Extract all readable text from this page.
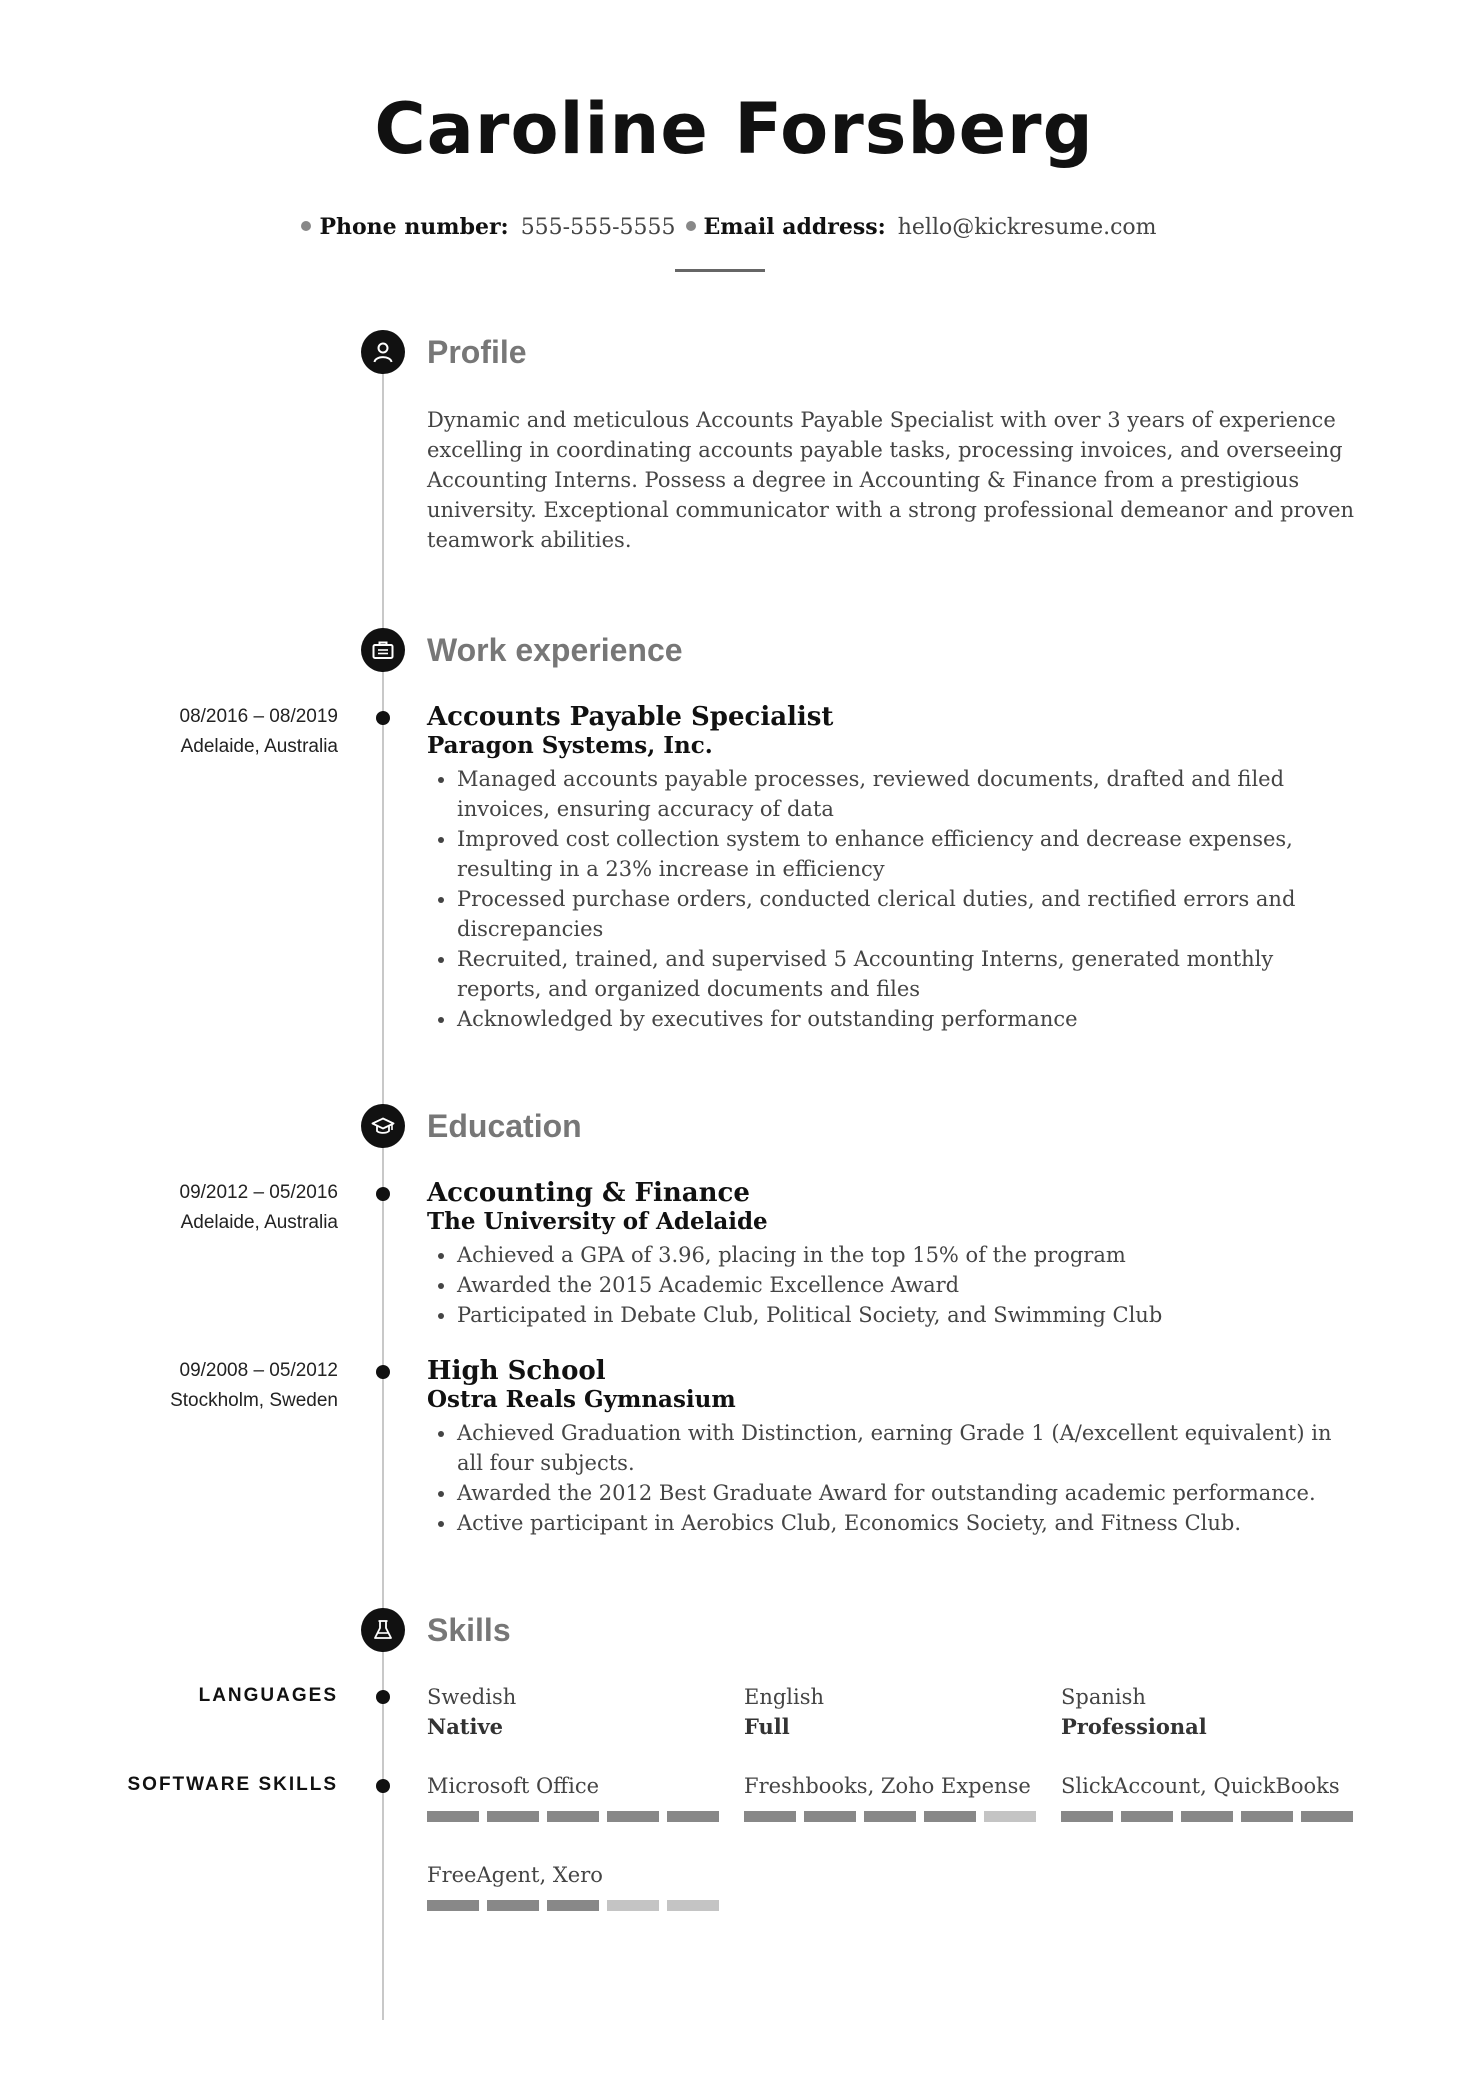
Caroline Forsberg
Phone number: 555-555-5555 Email address: hello@kickresume.com
Profile

Dynamic and meticulous Accounts Payable Specialist with over 3 years of experience excelling in coordinating accounts payable tasks, processing invoices, and overseeing Accounting Interns. Possess a degree in Accounting & Finance from a prestigious university. Exceptional communicator with a strong professional demeanor and proven teamwork abilities.

Work experience
08/2016 – 08/2019
Adelaide, Australia
Accounts Payable Specialist
Paragon Systems, Inc.
• Managed accounts payable processes, reviewed documents, drafted and filed invoices, ensuring accuracy of data
• Improved cost collection system to enhance efficiency and decrease expenses, resulting in a 23% increase in efficiency
• Processed purchase orders, conducted clerical duties, and rectified errors and discrepancies
• Recruited, trained, and supervised 5 Accounting Interns, generated monthly reports, and organized documents and files
• Acknowledged by executives for outstanding performance
Education
09/2012 – 05/2016
Adelaide, Australia
Accounting & Finance
The University of Adelaide
• Achieved a GPA of 3.96, placing in the top 15% of the program
• Awarded the 2015 Academic Excellence Award
• Participated in Debate Club, Political Society, and Swimming Club
09/2008 – 05/2012
Stockholm, Sweden
High School
Ostra Reals Gymnasium
• Achieved Graduation with Distinction, earning Grade 1 (A/excellent equivalent) in all four subjects.
• Awarded the 2012 Best Graduate Award for outstanding academic performance.
• Active participant in Aerobics Club, Economics Society, and Fitness Club.
Skills
LANGUAGES	Swedish
Native
English
Full
Spanish
Professional
SOFTWARE SKILLS	Microsoft Office	Freshbooks, Zoho Expense	SlickAccount, QuickBooks
FreeAgent, Xero
